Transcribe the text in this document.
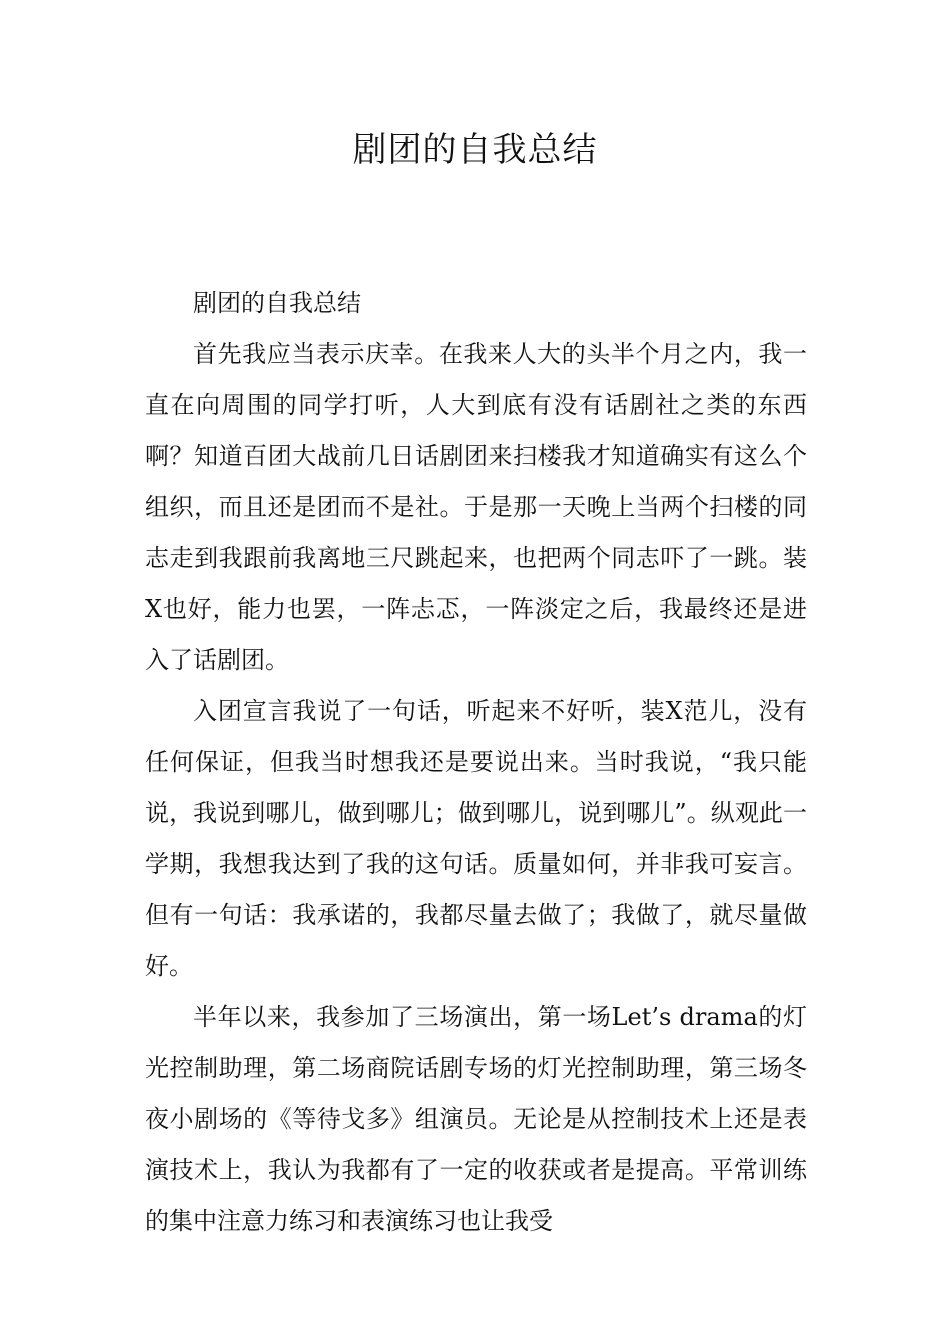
剧团的自我总结

剧团的自我总结

首先我应当表示庆幸。在我来人大的头半个月之内，我一直在向周围的同学打听，人大到底有没有话剧社之类的东西啊？知道百团大战前几日话剧团来扫楼我才知道确实有这么个组织，而且还是团而不是社。于是那一天晚上当两个扫楼的同志走到我跟前我离地三尺跳起来，也把两个同志吓了一跳。装X也好，能力也罢，一阵忐忑，一阵淡定之后，我最终还是进入了话剧团。

入团宣言我说了一句话，听起来不好听，装X范儿，没有任何保证，但我当时想我还是要说出来。当时我说，“我只能说，我说到哪儿，做到哪儿；做到哪儿，说到哪儿”。纵观此一学期，我想我达到了我的这句话。质量如何，并非我可妄言。但有一句话：我承诺的，我都尽量去做了；我做了，就尽量做好。

半年以来，我参加了三场演出，第一场Let’s drama的灯光控制助理，第二场商院话剧专场的灯光控制助理，第三场冬夜小剧场的《等待戈多》组演员。无论是从控制技术上还是表演技术上，我认为我都有了一定的收获或者是提高。平常训练的集中注意力练习和表演练习也让我受
